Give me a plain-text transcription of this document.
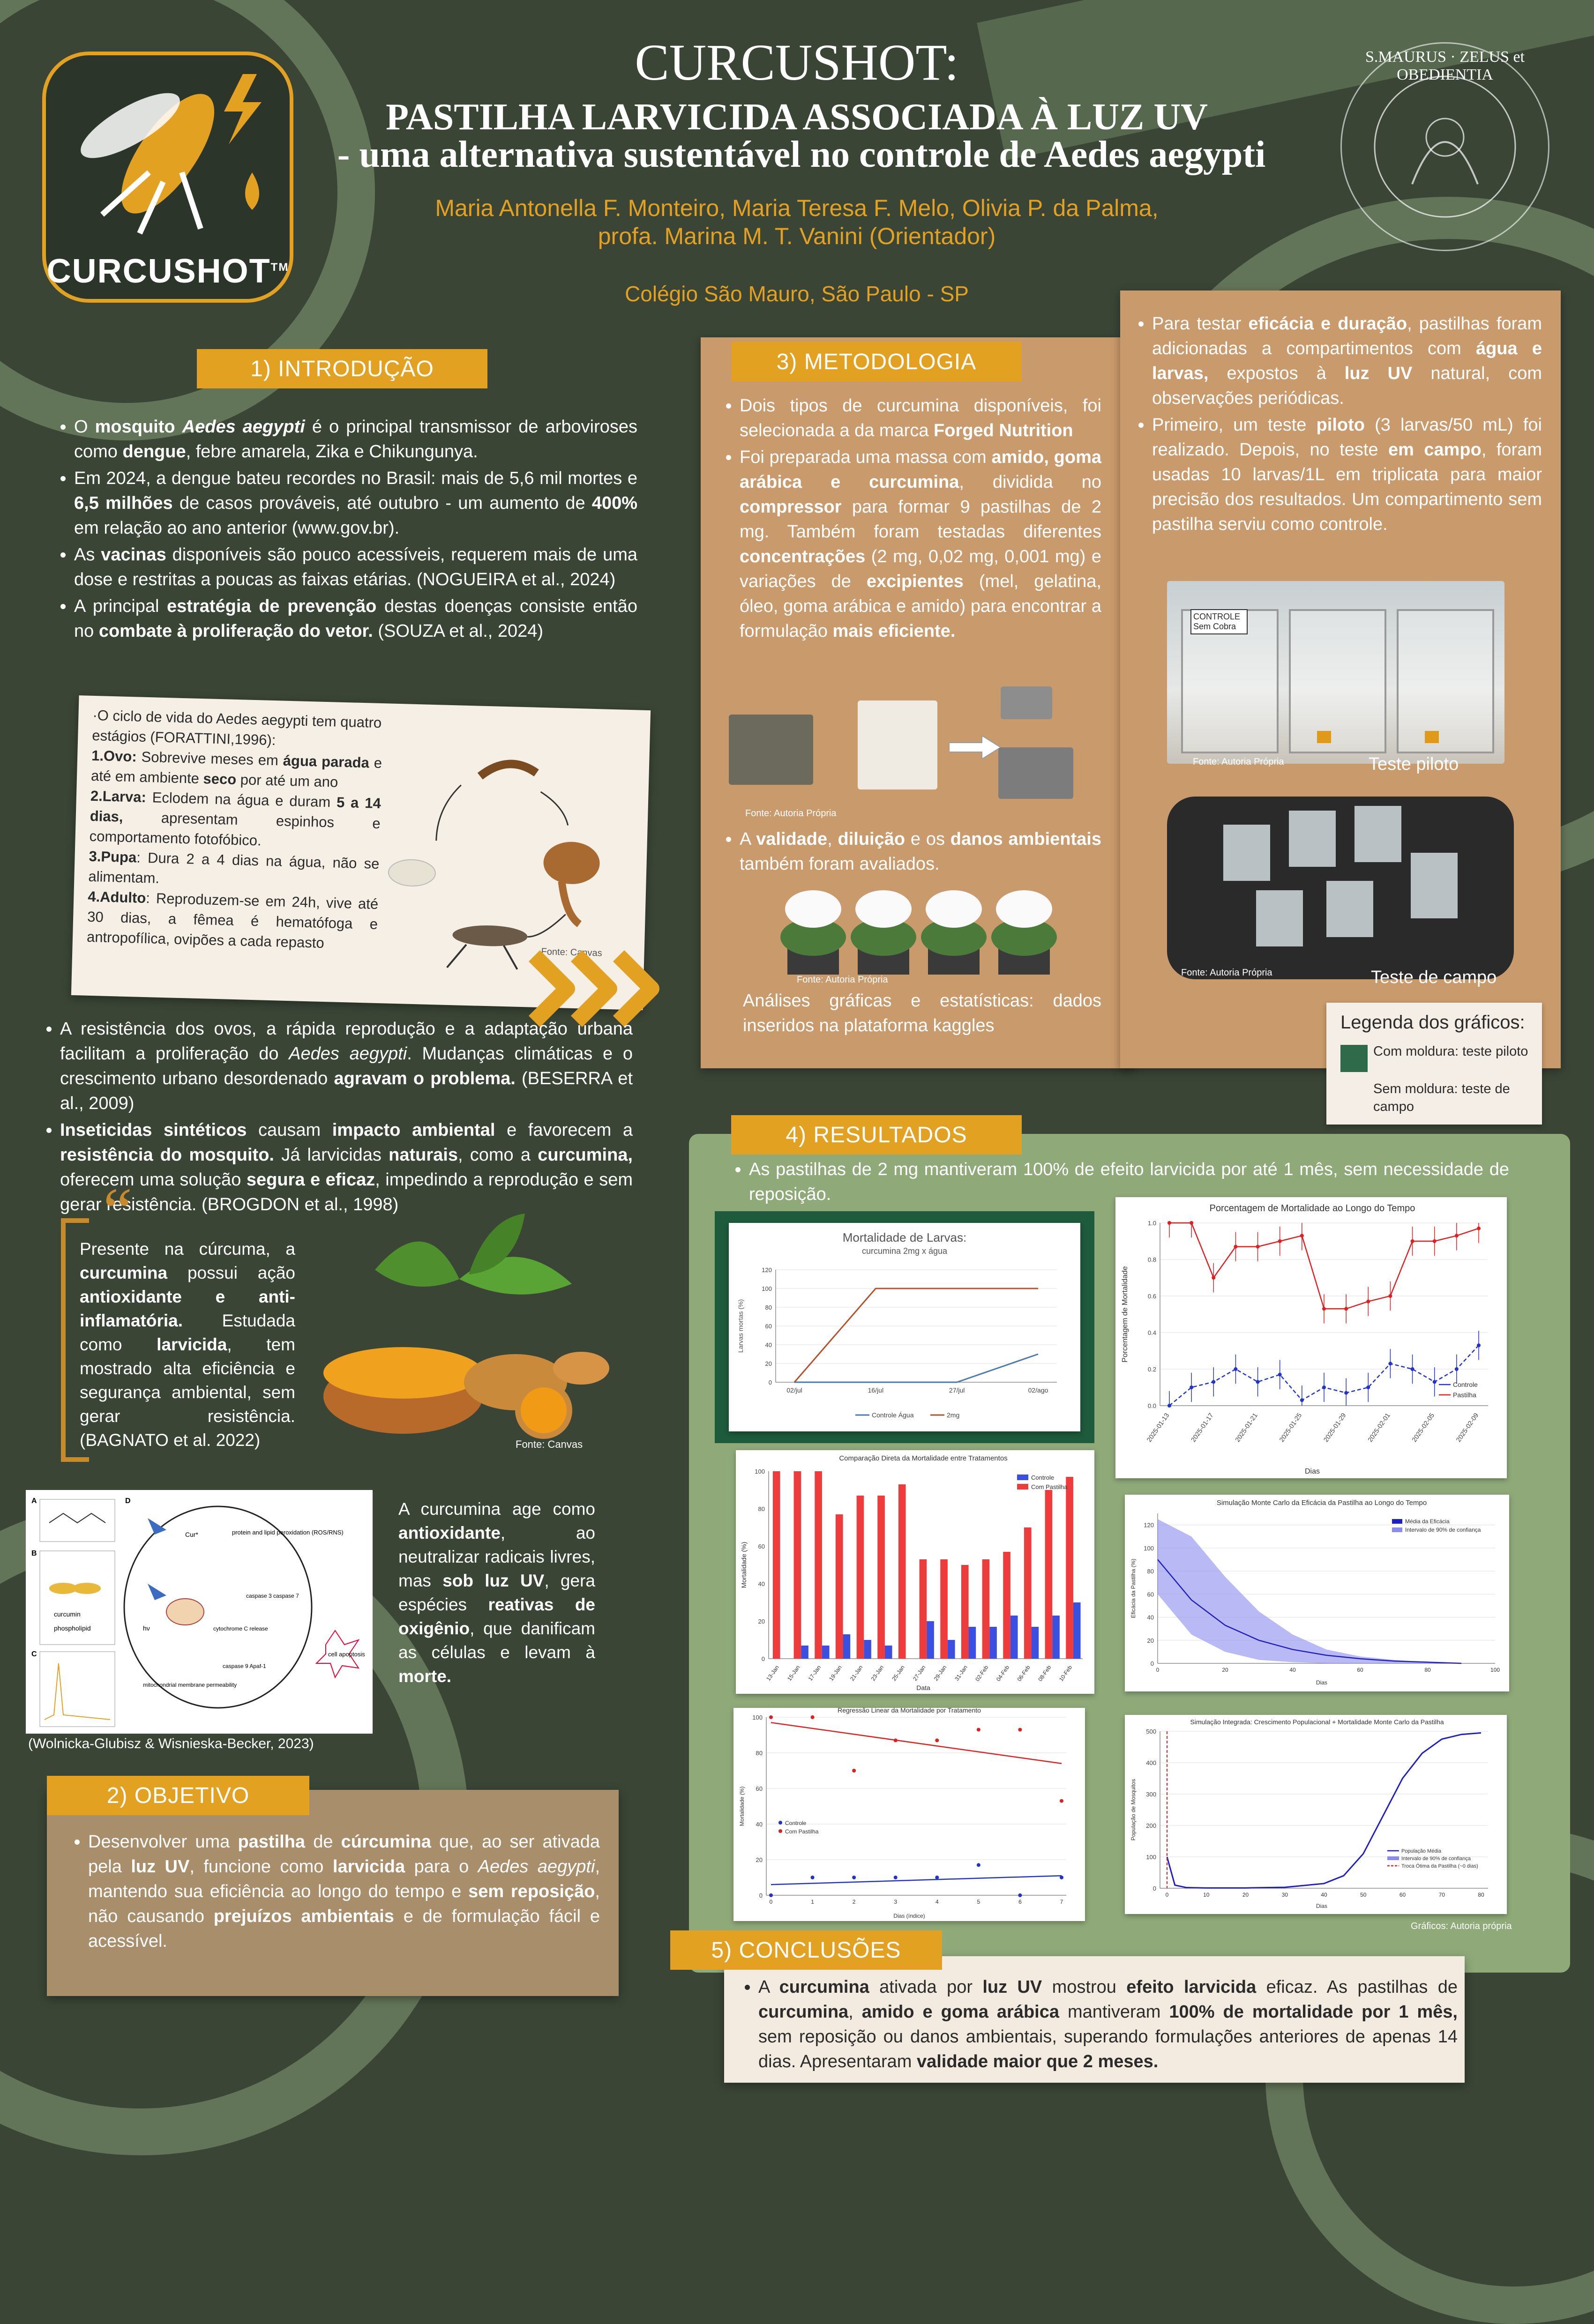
CURCUSHOT™
S.MAURUS · ZELUS et OBEDIENTIA
CURCUSHOT:
PASTILHA LARVICIDA ASSOCIADA À LUZ UV
- uma alternativa sustentável no controle de Aedes aegypti
Maria Antonella F. Monteiro, Maria Teresa F. Melo, Olivia P. da Palma,
profa. Marina M. T. Vanini (Orientador)
Colégio São Mauro, São Paulo - SP
1) INTRODUÇÃO
• O mosquito Aedes aegypti é o principal transmissor de arboviroses como dengue, febre amarela, Zika e Chikungunya.
• Em 2024, a dengue bateu recordes no Brasil: mais de 5,6 mil mortes e 6,5 milhões de casos prováveis, até outubro - um aumento de 400% em relação ao ano anterior (www.gov.br).
• As vacinas disponíveis são pouco acessíveis, requerem mais de uma dose e restritas a poucas as faixas etárias. (NOGUEIRA et al., 2024)
• A principal estratégia de prevenção destas doenças consiste então no combate à proliferação do vetor. (SOUZA et al., 2024)
·O ciclo de vida do Aedes aegypti tem quatro estágios (FORATTINI,1996):
1.Ovo: Sobrevive meses em água parada e até em ambiente seco por até um ano
2.Larva: Eclodem na água e duram 5 a 14 dias, apresentam espinhos e comportamento fotofóbico.
3.Pupa: Dura 2 a 4 dias na água, não se alimentam.
4.Adulto: Reproduzem-se em 24h, vive até 30 dias, a fêmea é hematófoga e antropofílica, ovipões a cada repasto
Fonte: Canvas
• A resistência dos ovos, a rápida reprodução e a adaptação urbana facilitam a proliferação do Aedes aegypti. Mudanças climáticas e o crescimento urbano desordenado agravam o problema. (BESERRA et al., 2009)
• Inseticidas sintéticos causam impacto ambiental e favorecem a resistência do mosquito. Já larvicidas naturais, como a curcumina, oferecem uma solução segura e eficaz, impedindo a reprodução e sem gerar resistência. (BROGDON et al., 1998)
“
Presente na cúrcuma, a curcumina possui ação antioxidante e anti-inflamatória. Estudada como larvicida, tem mostrado alta eficiência e segurança ambiental, sem gerar resistência. (BAGNATO et al. 2022)	Fonte: Canvas
A
B
curcumin
phospholipid
C
D
Cur*	protein and lipid peroxidation (ROS/RNS)
cytochrome C release
caspase 3 caspase 7
caspase 9 Apaf-1
mitochondrial membrane permeability
hν
cell apoptosis
(Wolnicka-Glubisz & Wisnieska-Becker, 2023)
A curcumina age como antioxidante, ao neutralizar radicais livres, mas sob luz UV, gera espécies reativas de oxigênio, que danificam as células e levam à morte.
2) OBJETIVO
• Desenvolver uma pastilha de cúrcumina que, ao ser ativada pela luz UV, funcione como larvicida para o Aedes aegypti, mantendo sua eficiência ao longo do tempo e sem reposição, não causando prejuízos ambientais e de formulação fácil e acessível.
3) METODOLOGIA
• Dois tipos de curcumina disponíveis, foi selecionada a da marca Forged Nutrition
• Foi preparada uma massa com amido, goma arábica e curcumina, dividida no compressor para formar 9 pastilhas de 2 mg. Também foram testadas diferentes concentrações (2 mg, 0,02 mg, 0,001 mg) e variações de excipientes (mel, gelatina, óleo, goma arábica e amido) para encontrar a formulação mais eficiente.
Fonte: Autoria Própria
• A validade, diluição e os danos ambientais também foram avaliados.
Fonte: Autoria Própria
Análises gráficas e estatísticas: dados inseridos na plataforma kaggles
• Para testar eficácia e duração, pastilhas foram adicionadas a compartimentos com água e larvas, expostos à luz UV natural, com observações periódicas.
• Primeiro, um teste piloto (3 larvas/50 mL) foi realizado. Depois, no teste em campo, foram usadas 10 larvas/1L em triplicata para maior precisão dos resultados. Um compartimento sem pastilha serviu como controle.
CONTROLE Sem Cobra
Fonte: Autoria Própria	Teste piloto
Fonte: Autoria Própria	Teste de campo
Legenda dos gráficos:
Com moldura: teste piloto
Sem moldura: teste de campo
4) RESULTADOS
• As pastilhas de 2 mg mantiveram 100% de efeito larvicida por até 1 mês, sem necessidade de reposição.
Mortalidade de Larvas:
curcumina 2mg x água
0
20
40
60
80
100
120
02/jul	16/jul	27/jul	02/ago
Larvas mortas (%)
Controle Água	2mg
Porcentagem de Mortalidade ao Longo do Tempo
0.0
0.2
0.4
0.6
0.8
1.0
2025-01-13	2025-01-17	2025-01-21	2025-01-25	2025-01-29	2025-02-01	2025-02-05	2025-02-09
Dias
Porcentagem de Mortalidade
Controle
Pastilha
Comparação Direta da Mortalidade entre Tratamentos
0
20
40
60
80
100
13-Jan 15-Jan 17-Jan 19-Jan 21-Jan 23-Jan 25-Jan 27-Jan 29-Jan 31-Jan 02-Feb 04-Feb 06-Feb 08-Feb 10-Feb
Data
Mortalidade (%)
Controle
Com Pastilha
Simulação Monte Carlo da Eficácia da Pastilha ao Longo do Tempo
0
20
40
60
80
100
120
0	20	40	60	80	100
Dias
Eficácia da Pastilha (%)
Média da Eficácia
Intervalo de 90% de confiança
Regressão Linear da Mortalidade por Tratamento
0
20
40
60
80
100
0	1	2	3	4	5	6	7
Controle
Com Pastilha
Dias (índice)
Mortalidade (%)
Simulação Integrada: Crescimento Populacional + Mortalidade Monte Carlo da Pastilha
0
100
200
300
400
500
0	10	20	30	40	50	60	70	80
População Média
Intervalo de 90% de confiança
Troca Ótima da Pastilha (~0 dias)
Dias
População de Mosquitos
Gráficos: Autoria própria
5) CONCLUSÕES
• A curcumina ativada por luz UV mostrou efeito larvicida eficaz. As pastilhas de curcumina, amido e goma arábica mantiveram 100% de mortalidade por 1 mês, sem reposição ou danos ambientais, superando formulações anteriores de apenas 14 dias. Apresentaram validade maior que 2 meses.
